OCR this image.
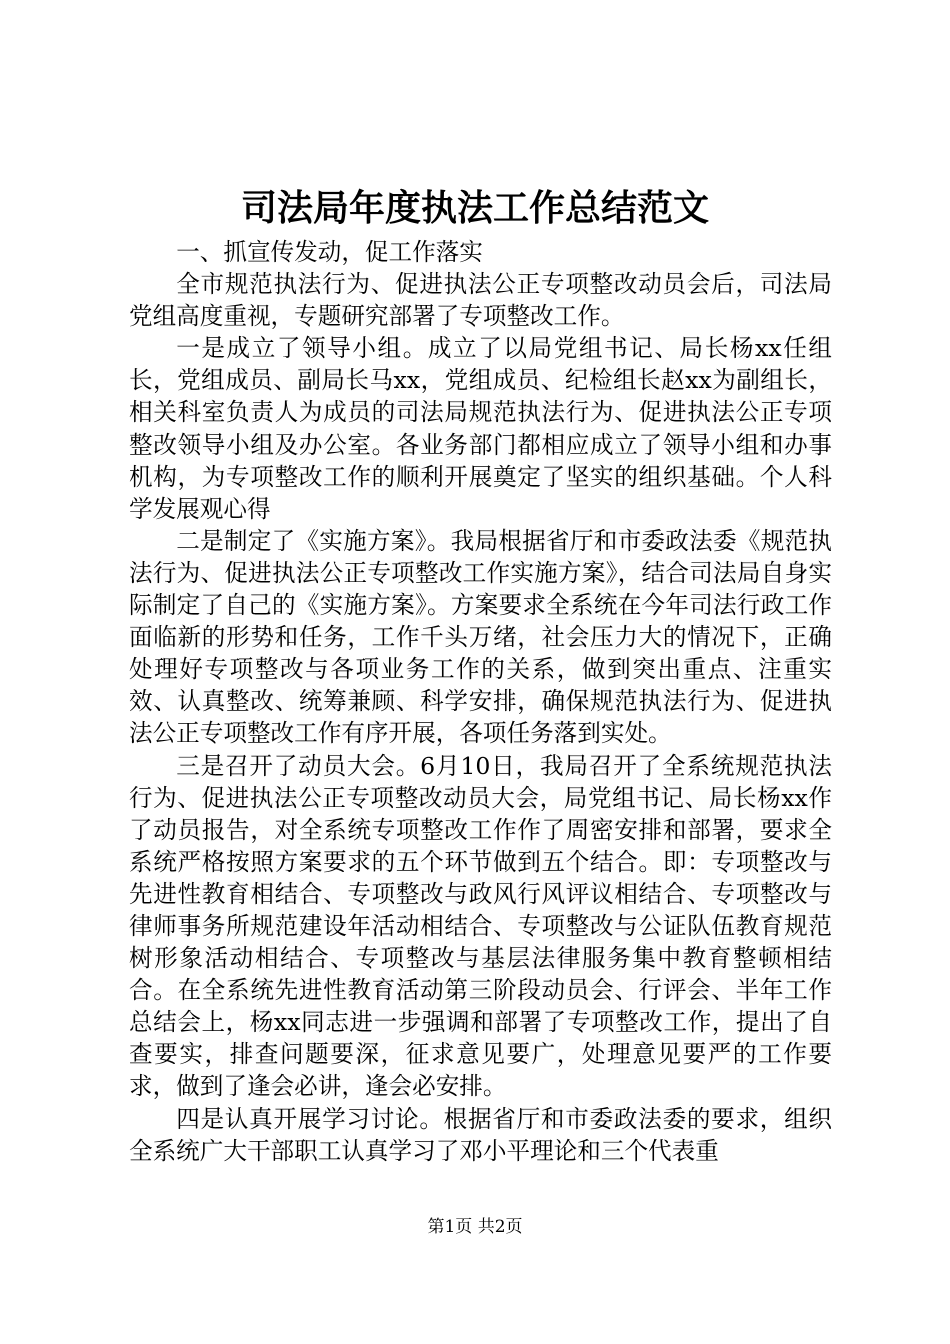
司法局年度执法工作总结范文

一、抓宣传发动，促工作落实

全市规范执法行为、促进执法公正专项整改动员会后，司法局党组高度重视，专题研究部署了专项整改工作。

一是成立了领导小组。成立了以局党组书记、局长杨xx任组长，党组成员、副局长马xx，党组成员、纪检组长赵xx为副组长，相关科室负责人为成员的司法局规范执法行为、促进执法公正专项整改领导小组及办公室。各业务部门都相应成立了领导小组和办事机构，为专项整改工作的顺利开展奠定了坚实的组织基础。个人科学发展观心得

二是制定了《实施方案》。我局根据省厅和市委政法委《规范执法行为、促进执法公正专项整改工作实施方案》，结合司法局自身实际制定了自己的《实施方案》。方案要求全系统在今年司法行政工作面临新的形势和任务，工作千头万绪，社会压力大的情况下，正确处理好专项整改与各项业务工作的关系，做到突出重点、注重实效、认真整改、统筹兼顾、科学安排，确保规范执法行为、促进执法公正专项整改工作有序开展，各项任务落到实处。

三是召开了动员大会。6月10日，我局召开了全系统规范执法行为、促进执法公正专项整改动员大会，局党组书记、局长杨xx作了动员报告，对全系统专项整改工作作了周密安排和部署，要求全系统严格按照方案要求的五个环节做到五个结合。即：专项整改与先进性教育相结合、专项整改与政风行风评议相结合、专项整改与律师事务所规范建设年活动相结合、专项整改与公证队伍教育规范树形象活动相结合、专项整改与基层法律服务集中教育整顿相结合。在全系统先进性教育活动第三阶段动员会、行评会、半年工作总结会上，杨xx同志进一步强调和部署了专项整改工作，提出了自查要实，排查问题要深，征求意见要广，处理意见要严的工作要求，做到了逢会必讲，逢会必安排。

四是认真开展学习讨论。根据省厅和市委政法委的要求，组织全系统广大干部职工认真学习了邓小平理论和三个代表重

第1页 共2页
